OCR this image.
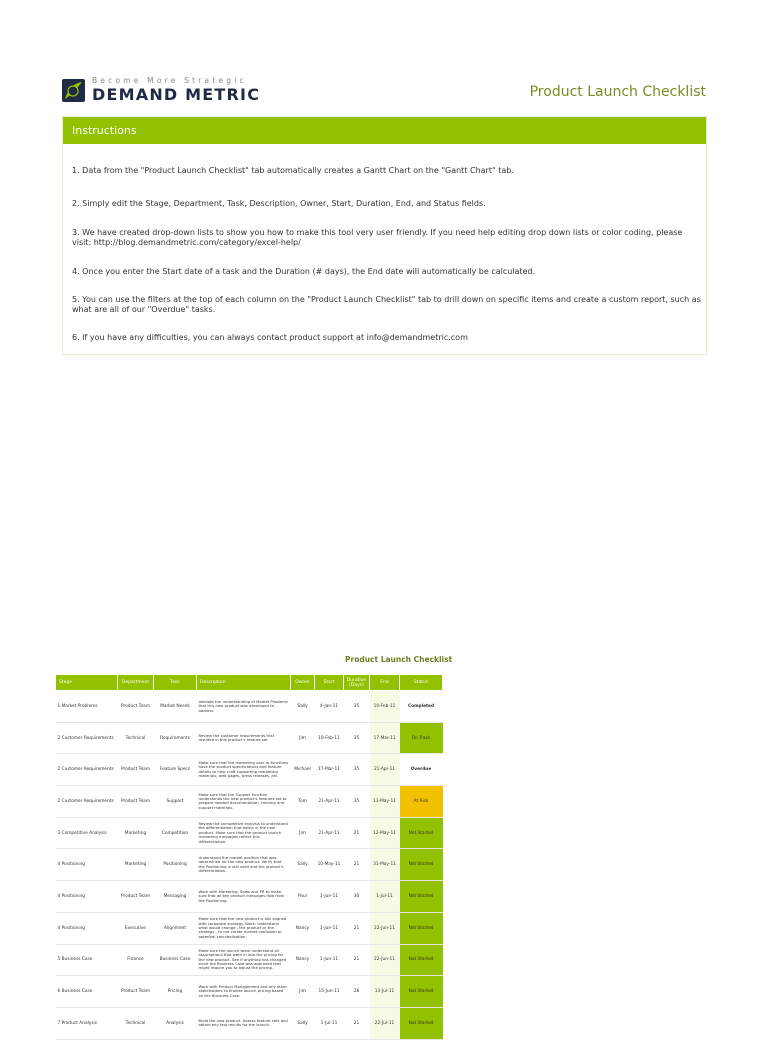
Become More Strategic
DEMAND METRIC	Product Launch Checklist
Instructions

1. Data from the "Product Launch Checklist" tab automatically creates a Gantt Chart on the "Gantt Chart" tab.

2. Simply edit the Stage, Department, Task, Description, Owner, Start, Duration, End, and Status fields.

3. We have created drop-down lists to show you how to make this tool very user friendly. If you need help editing drop down lists or color coding, please visit: http://blog.demandmetric.com/category/excel-help/

4. Once you enter the Start date of a task and the Duration (# days), the End date will automatically be calculated.

5. You can use the filters at the top of each column on the "Product Launch Checklist" tab to drill down on specific items and create a custom report, such as what are all of our "Overdue" tasks.

6. If you have any difficulties, you can always contact product support at info@demandmetric.com

Product Launch Checklist
Stage	Department	Task	Description	Owner	Start	Duration (Days)	End	Status
1 Market Problems	Product Team	Market Needs	Validate the understanding of Market Problems that this new product was developed to address	Sally	4-Jan-11	35	10-Feb-11	Completed
2 Customer Requirements	Technical	Requirements	Review the customer requirements that resulted in this product's feature set	Jim	10-Feb-11	35	17-Mar-11	On Track
2 Customer Requirements	Product Team	Feature Specs	Make sure that the marketing user re-functions have the product specifications and feature details to help craft supporting marketing materials, web pages, press releases, etc.	Michael	17-Mar-11	35	21-Apr-11	Overdue
2 Customer Requirements	Product Team	Support	Make sure that the Support function understands the new product's features set to prepare needed documentation, training and support materials.	Tom	21-Apr-11	35	13-May-11	At Risk
3 Competitive Analysis	Marketing	Competition	Review the competitive analysis to understand the differentiation that exists in the new product. Make sure that the product launch marketing messages reflect this differentiation.	Jim	21-Apr-11	21	12-May-11	Not Started
4 Positioning	Marketing	Positioning	Understand the market position that was determined for the new product. Verify that the Positioning is still valid and the product's differentiation.	Sally	10-May-11	21	31-May-11	Not Started
4 Positioning	Product Team	Messaging	Work with Marketing, Sales and PR to make sure that all key product messages flow from the Positioning.	Paul	1-Jun-11	30	1-Jul-11	Not Started
4 Positioning	Executive	Alignment	Make sure that the new product is still aligned with corporate strategy. Work: understand what would change - the product or the strategy - to not create market confusion or potential cannibalization.	Nancy	1-Jun-11	21	22-Jun-11	Not Started
5 Business Case	Finance	Business Case	Make sure the launch team understand all assumptions that went in into the pricing for the new product. See if anything has changed since the Business Case was approved that might require you to adjust the pricing.	Nancy	1-Jun-11	21	22-Jun-11	Not Started
6 Business Case	Product Team	Pricing	Work with Product Management and any other stakeholders to finalize launch pricing based on the Business Case.	Jim	15-Jun-11	28	13-Jul-11	Not Started
7 Product Analysis	Technical	Analysis	Build the new product. Assess feature sets and obtain any test results for the launch.	Sally	1-Jul-11	21	22-Jul-11	Not Started
